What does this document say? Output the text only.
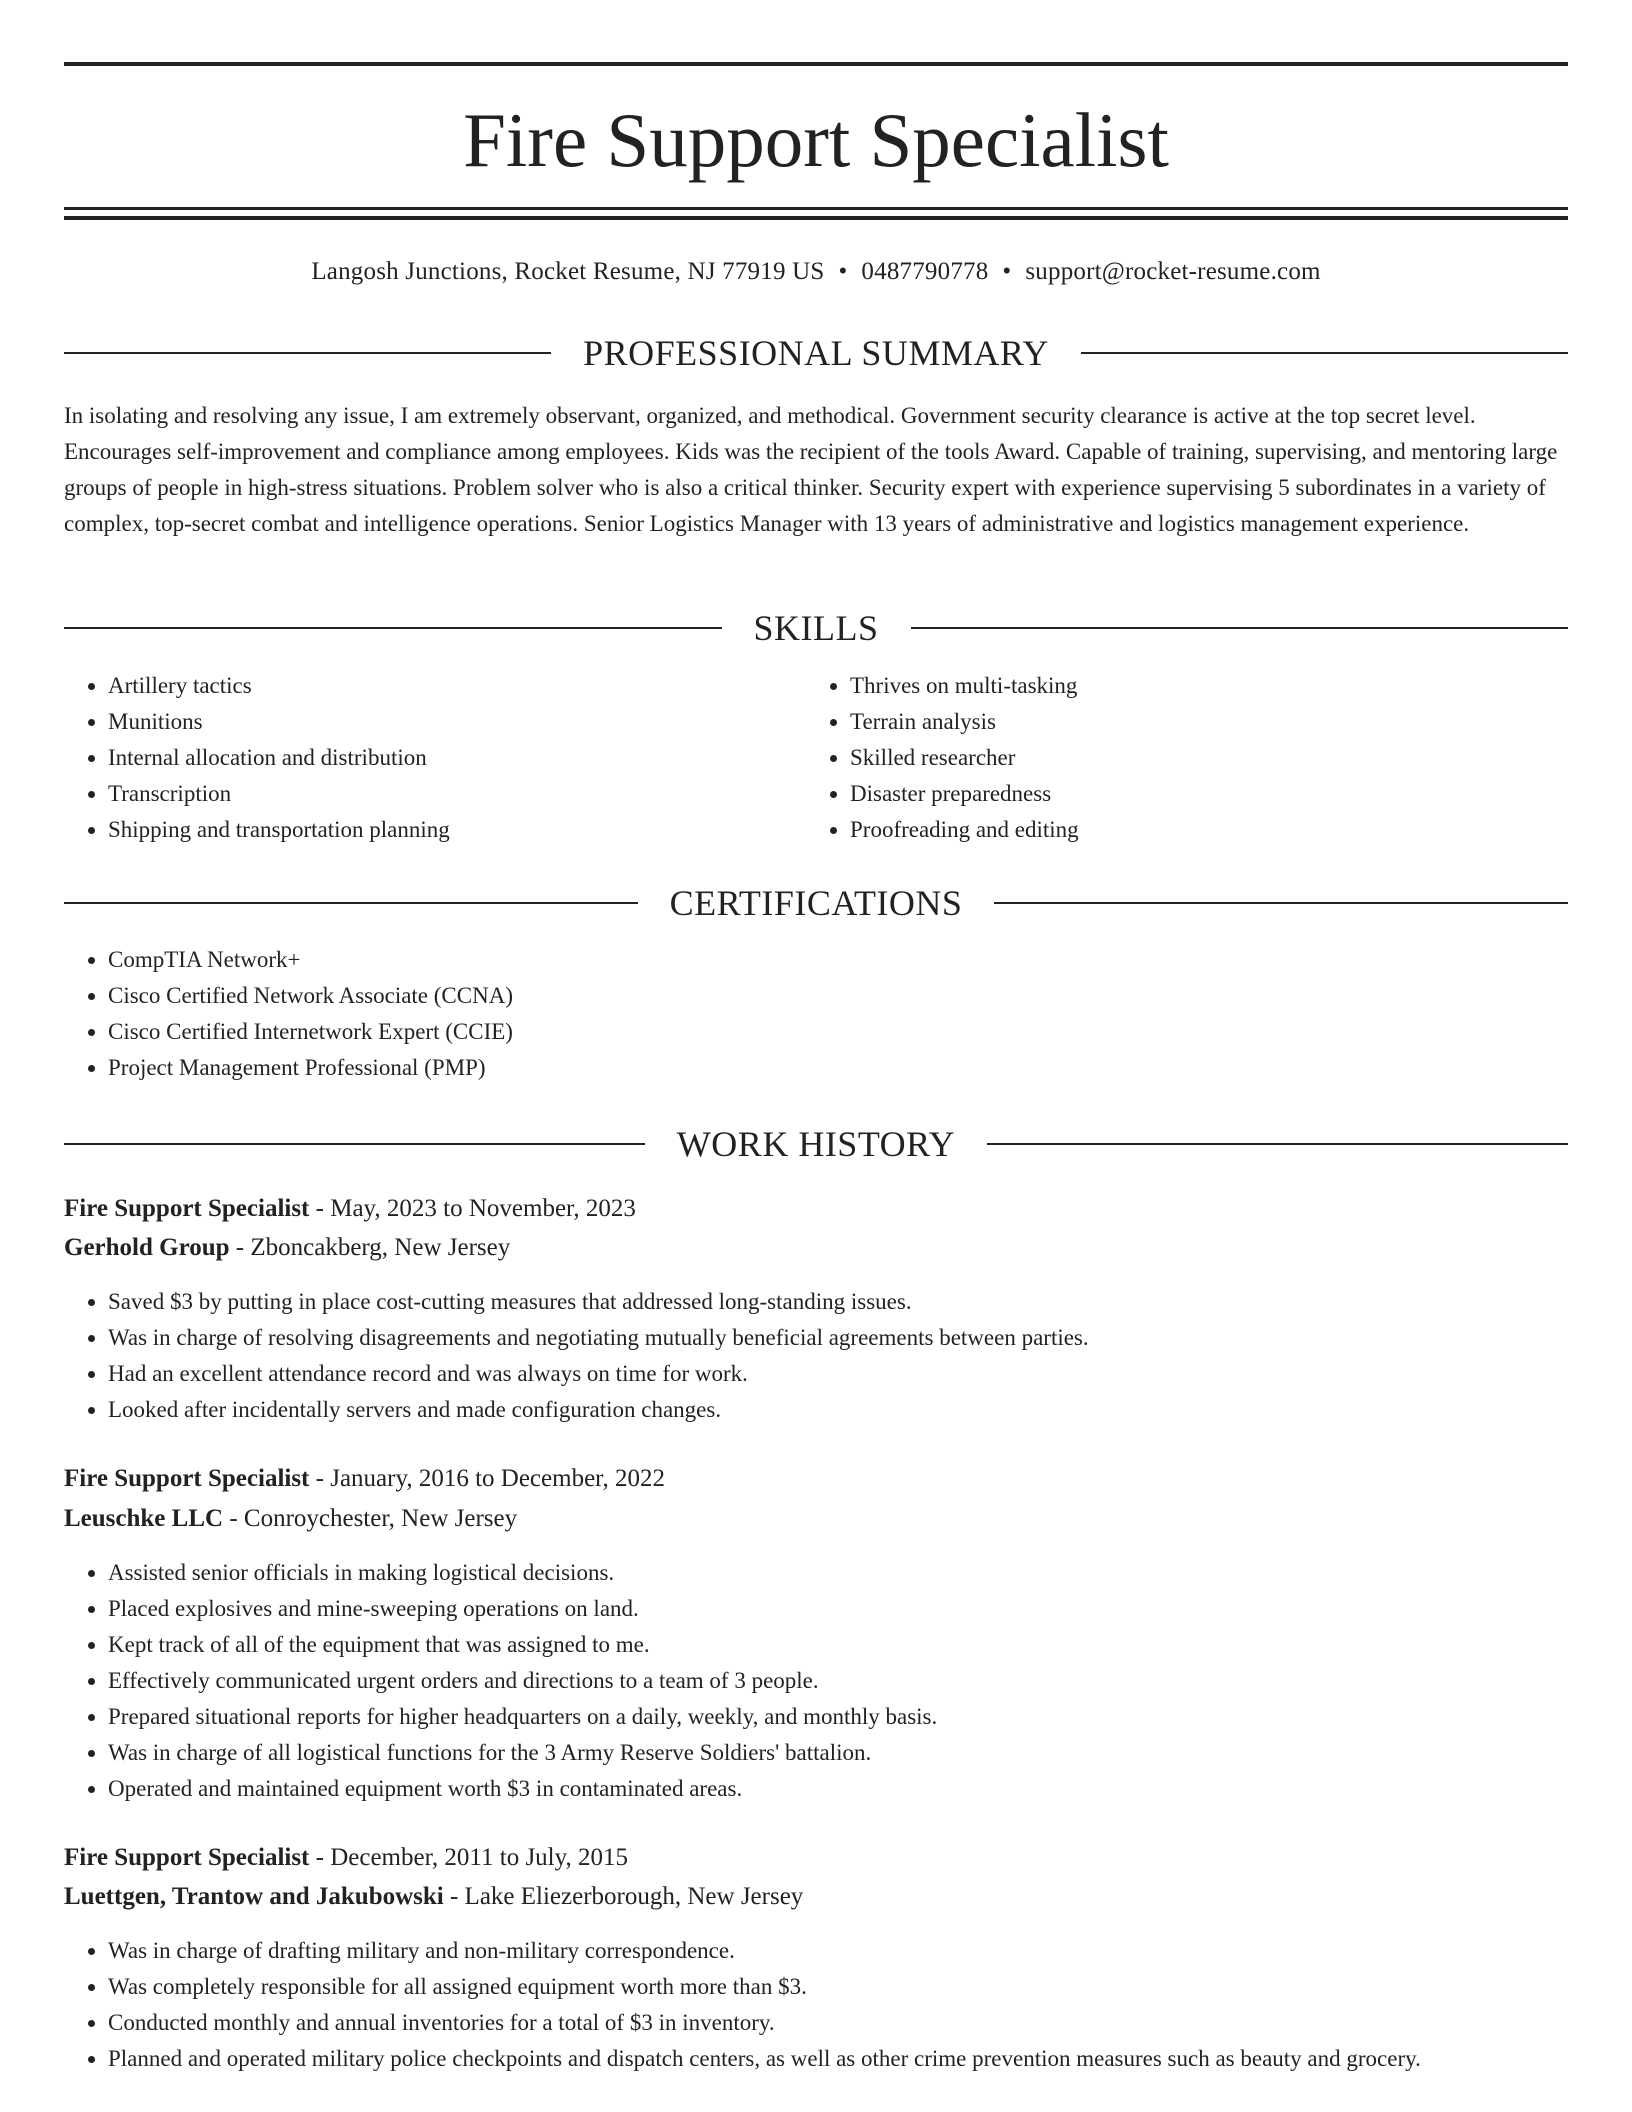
Fire Support Specialist
Langosh Junctions, Rocket Resume, NJ 77919 US • 0487790778 • support@rocket-resume.com
PROFESSIONAL SUMMARY

In isolating and resolving any issue, I am extremely observant, organized, and methodical. Government security clearance is active at the top secret level. Encourages self-improvement and compliance among employees. Kids was the recipient of the tools Award. Capable of training, supervising, and mentoring large groups of people in high-stress situations. Problem solver who is also a critical thinker. Security expert with experience supervising 5 subordinates in a variety of complex, top-secret combat and intelligence operations. Senior Logistics Manager with 13 years of administrative and logistics management experience.

SKILLS
• Artillery tactics
• Munitions
• Internal allocation and distribution
• Transcription
• Shipping and transportation planning
• Thrives on multi-tasking
• Terrain analysis
• Skilled researcher
• Disaster preparedness
• Proofreading and editing
CERTIFICATIONS
• CompTIA Network+
• Cisco Certified Network Associate (CCNA)
• Cisco Certified Internetwork Expert (CCIE)
• Project Management Professional (PMP)
WORK HISTORY
Fire Support Specialist - May, 2023 to November, 2023
Gerhold Group - Zboncakberg, New Jersey
• Saved $3 by putting in place cost-cutting measures that addressed long-standing issues.
• Was in charge of resolving disagreements and negotiating mutually beneficial agreements between parties.
• Had an excellent attendance record and was always on time for work.
• Looked after incidentally servers and made configuration changes.
Fire Support Specialist - January, 2016 to December, 2022
Leuschke LLC - Conroychester, New Jersey
• Assisted senior officials in making logistical decisions.
• Placed explosives and mine-sweeping operations on land.
• Kept track of all of the equipment that was assigned to me.
• Effectively communicated urgent orders and directions to a team of 3 people.
• Prepared situational reports for higher headquarters on a daily, weekly, and monthly basis.
• Was in charge of all logistical functions for the 3 Army Reserve Soldiers' battalion.
• Operated and maintained equipment worth $3 in contaminated areas.
Fire Support Specialist - December, 2011 to July, 2015
Luettgen, Trantow and Jakubowski - Lake Eliezerborough, New Jersey
• Was in charge of drafting military and non-military correspondence.
• Was completely responsible for all assigned equipment worth more than $3.
• Conducted monthly and annual inventories for a total of $3 in inventory.
• Planned and operated military police checkpoints and dispatch centers, as well as other crime prevention measures such as beauty and grocery.
